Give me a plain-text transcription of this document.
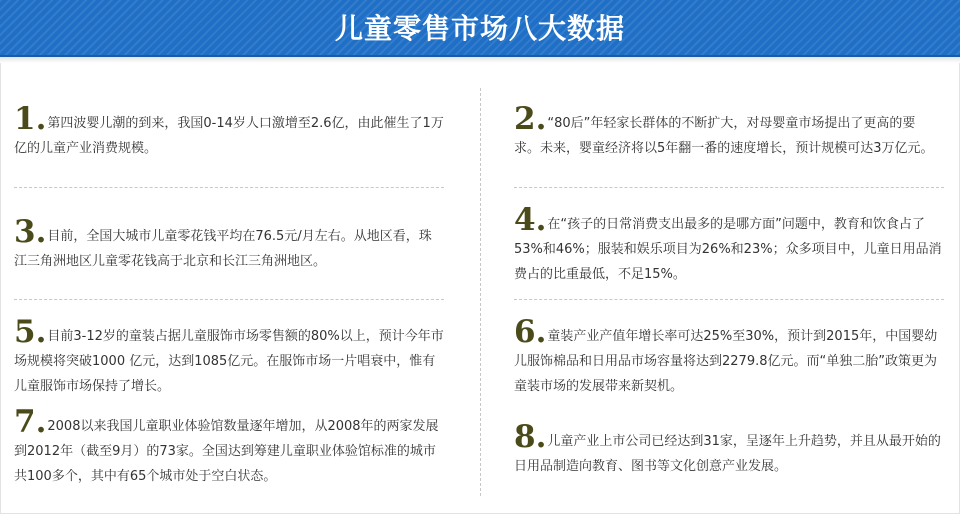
儿童零售市场八大数据
1.第四波婴儿潮的到来，我国0-14岁人口激增至2.6亿，由此催生了1万亿的儿童产业消费规模。
2.“80后”年轻家长群体的不断扩大，对母婴童市场提出了更高的要求。未来，婴童经济将以5年翻一番的速度增长，预计规模可达3万亿元。
3.目前，全国大城市儿童零花钱平均在76.5元/月左右。从地区看，珠江三角洲地区儿童零花钱高于北京和长江三角洲地区。
4.在“孩子的日常消费支出最多的是哪方面”问题中，教育和饮食占了53%和46%；服装和娱乐项目为26%和23%；众多项目中，儿童日用品消费占的比重最低，不足15%。
5.目前3-12岁的童装占据儿童服饰市场零售额的80%以上，预计今年市场规模将突破1000 亿元，达到1085亿元。在服饰市场一片唱衰中，惟有儿童服饰市场保持了增长。
6.童装产业产值年增长率可达25%至30%，预计到2015年，中国婴幼儿服饰棉品和日用品市场容量将达到2279.8亿元。而“单独二胎”政策更为童装市场的发展带来新契机。
7.2008以来我国儿童职业体验馆数量逐年增加，从2008年的两家发展到2012年（截至9月）的73家。全国达到筹建儿童职业体验馆标准的城市共100多个，其中有65个城市处于空白状态。
8.儿童产业上市公司已经达到31家，呈逐年上升趋势，并且从最开始的日用品制造向教育、图书等文化创意产业发展。
